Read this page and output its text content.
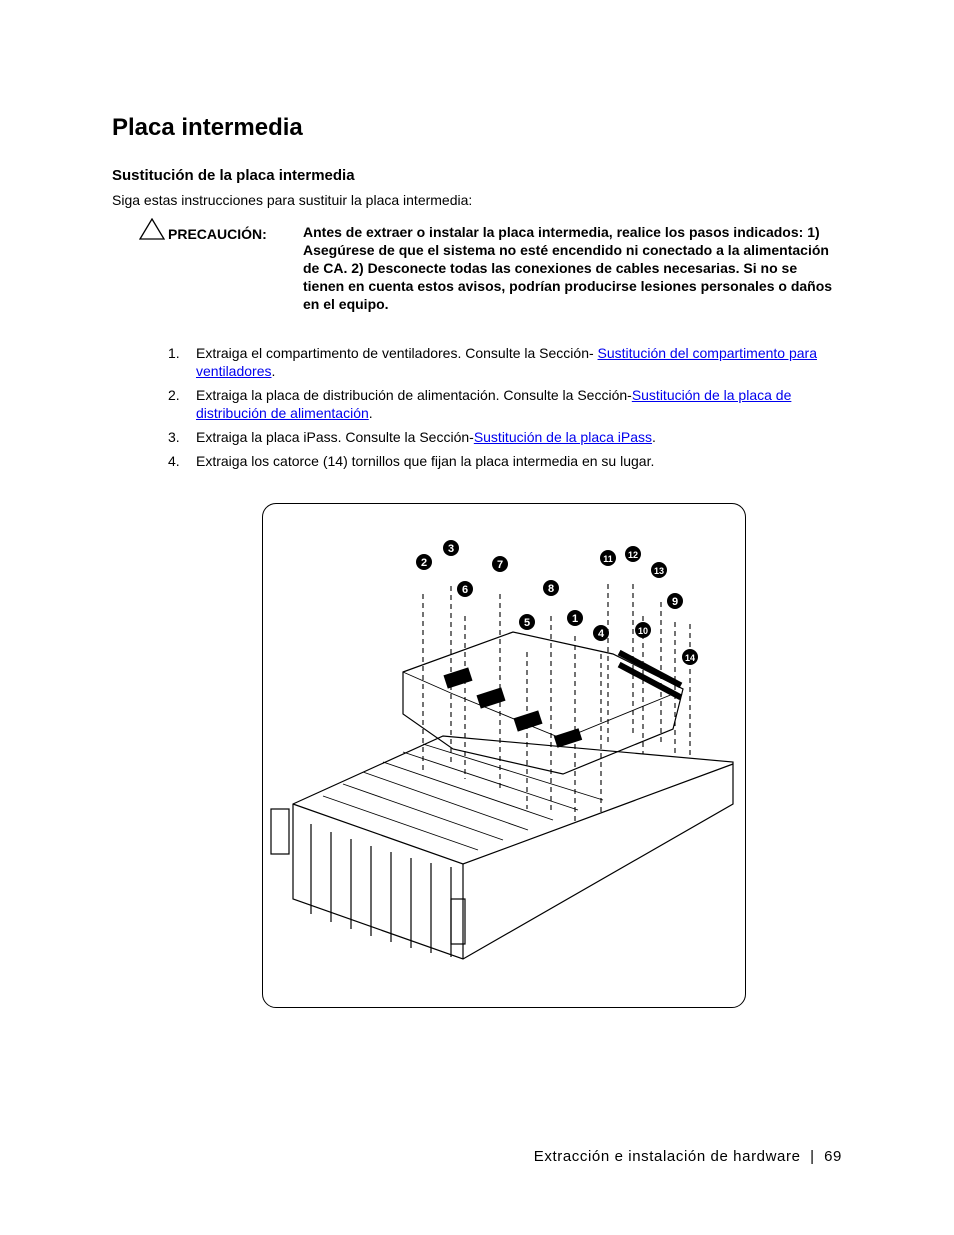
Placa intermedia
Sustitución de la placa intermedia
Siga estas instrucciones para sustituir la placa intermedia:
PRECAUCIÓN:	Antes de extraer o instalar la placa intermedia, realice los pasos indicados: 1) Asegúrese de que el sistema no esté encendido ni conectado a la alimentación de CA. 2) Desconecte todas las conexiones de cables necesarias. Si no se tienen en cuenta estos avisos, podrían producirse lesiones personales o daños en el equipo.
1. Extraiga el compartimento de ventiladores. Consulte la Sección- Sustitución del compartimento para ventiladores.
2. Extraiga la placa de distribución de alimentación. Consulte la Sección-Sustitución de la placa de distribución de alimentación.
3. Extraiga la placa iPass. Consulte la Sección-Sustitución de la placa iPass.
4. Extraiga los catorce (14) tornillos que fijan la placa intermedia en su lugar.
1
2
3
4
5
6
7
8
9
10
11 12
13
14
Extracción e instalación de hardware | 69
